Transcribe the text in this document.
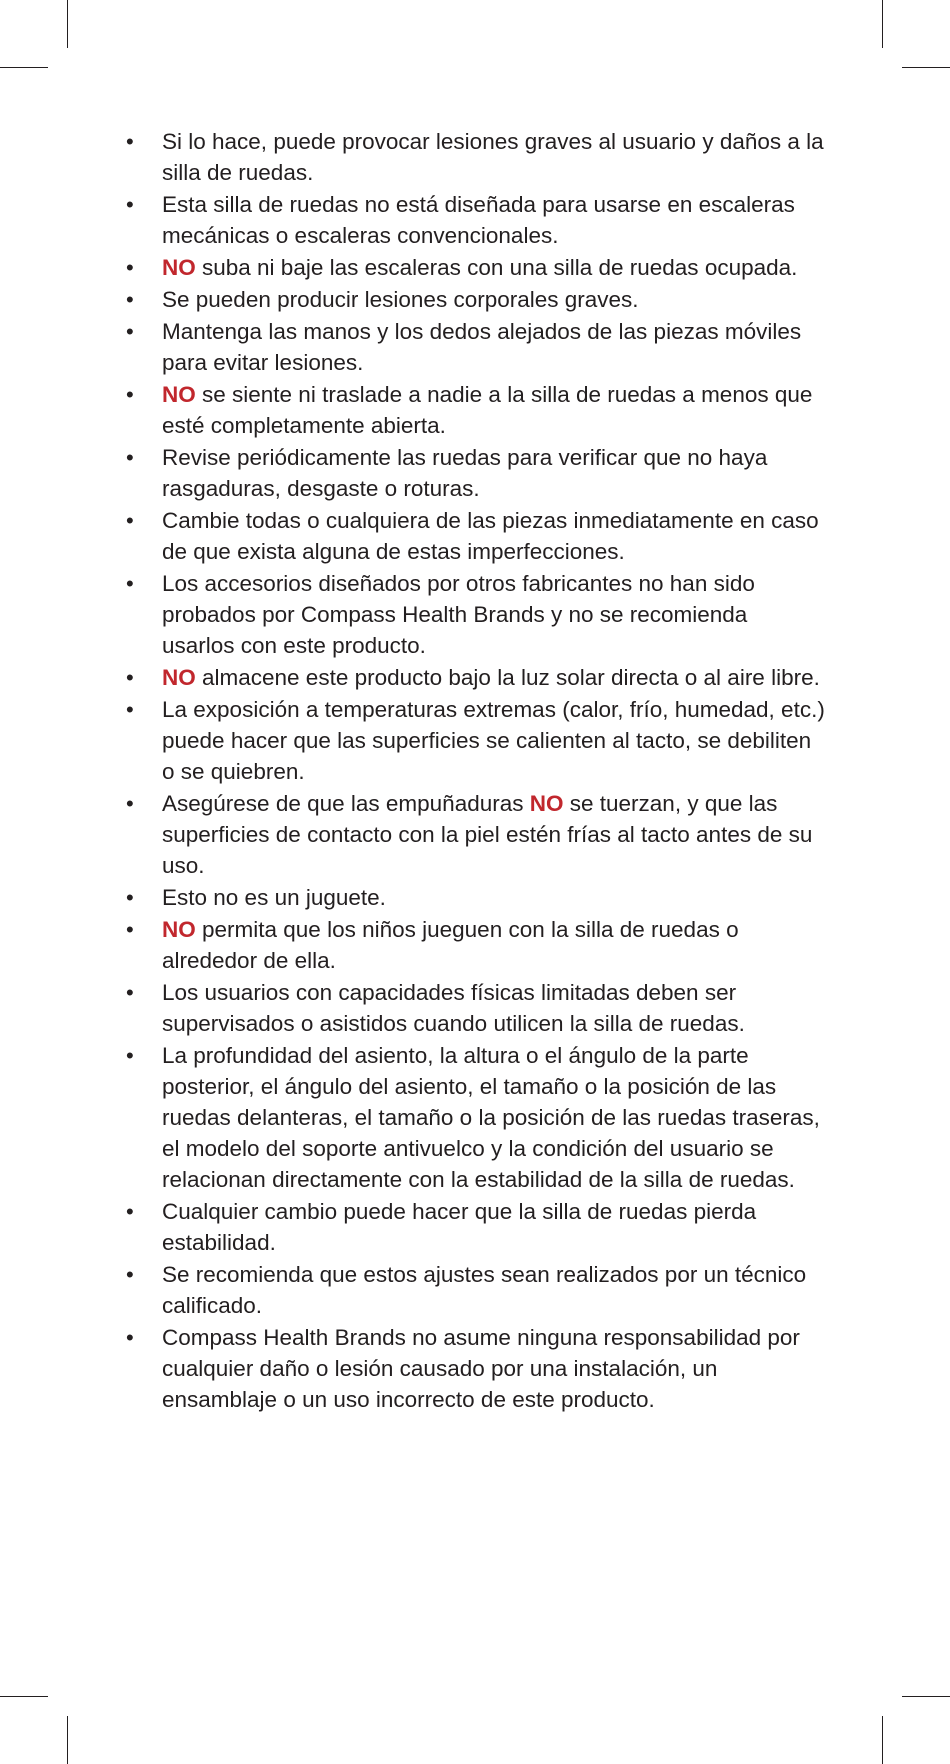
• Si lo hace, puede provocar lesiones graves al usuario y daños a la silla de ruedas.
• Esta silla de ruedas no está diseñada para usarse en escaleras mecánicas o escaleras convencionales.
• NO suba ni baje las escaleras con una silla de ruedas ocupada.
• Se pueden producir lesiones corporales graves.
• Mantenga las manos y los dedos alejados de las piezas móviles para evitar lesiones.
• NO se siente ni traslade a nadie a la silla de ruedas a menos que esté completamente abierta.
• Revise periódicamente las ruedas para verificar que no haya rasgaduras, desgaste o roturas.
• Cambie todas o cualquiera de las piezas inmediatamente en caso de que exista alguna de estas imperfecciones.
• Los accesorios diseñados por otros fabricantes no han sido probados por Compass Health Brands y no se recomienda usarlos con este producto.
• NO almacene este producto bajo la luz solar directa o al aire libre.
• La exposición a temperaturas extremas (calor, frío, humedad, etc.) puede hacer que las superficies se calienten al tacto, se debiliten o se quiebren.
• Asegúrese de que las empuñaduras NO se tuerzan, y que las superficies de contacto con la piel estén frías al tacto antes de su uso.
• Esto no es un juguete.
• NO permita que los niños jueguen con la silla de ruedas o alrededor de ella.
• Los usuarios con capacidades físicas limitadas deben ser supervisados o asistidos cuando utilicen la silla de ruedas.
• La profundidad del asiento, la altura o el ángulo de la parte posterior, el ángulo del asiento, el tamaño o la posición de las ruedas delanteras, el tamaño o la posición de las ruedas traseras, el modelo del soporte antivuelco y la condición del usuario se relacionan directamente con la estabilidad de la silla de ruedas.
• Cualquier cambio puede hacer que la silla de ruedas pierda estabilidad.
• Se recomienda que estos ajustes sean realizados por un técnico calificado.
• Compass Health Brands no asume ninguna responsabilidad por cualquier daño o lesión causado por una instalación, un ensamblaje o un uso incorrecto de este producto.
